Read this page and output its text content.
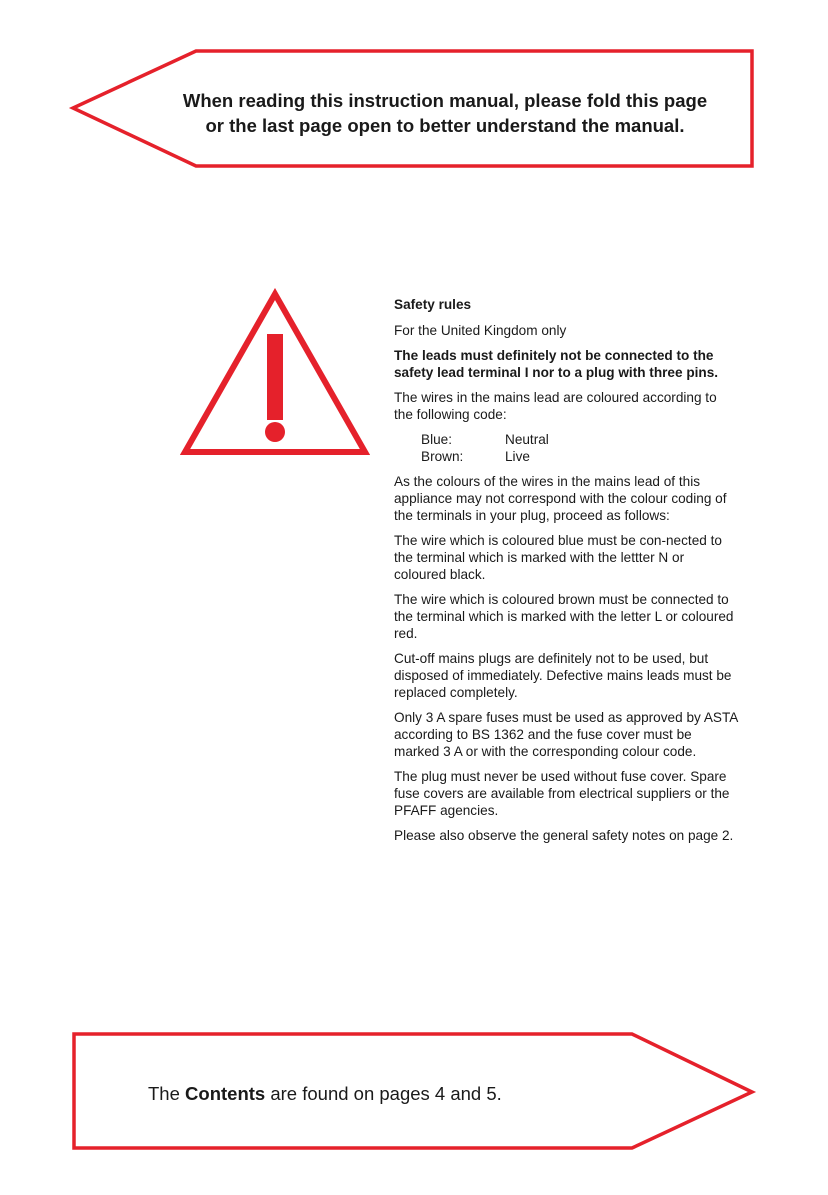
When reading this instruction manual, please fold this page
or the last page open to better understand the manual.

Safety rules

For the United Kingdom only

The leads must definitely not be connected to the safety lead terminal I nor to a plug with three pins.

The wires in the mains lead are coloured according to the following code:

Blue:	Neutral
Brown:	Live

As the colours of the wires in the mains lead of this appliance may not correspond with the colour coding of the terminals in your plug, proceed as follows:

The wire which is coloured blue must be con-nected to the terminal which is marked with the lettter N or coloured black.

The wire which is coloured brown must be connected to the terminal which is marked with the letter L or coloured red.

Cut-off mains plugs are definitely not to be used, but disposed of immediately. Defective mains leads must be replaced completely.

Only 3 A spare fuses must be used as approved by ASTA according to BS 1362 and the fuse cover must be marked 3 A or with the corresponding colour code.

The plug must never be used without fuse cover. Spare fuse covers are available from electrical suppliers or the PFAFF agencies.

Please also observe the general safety notes on page 2.

The Contents are found on pages 4 and 5.
